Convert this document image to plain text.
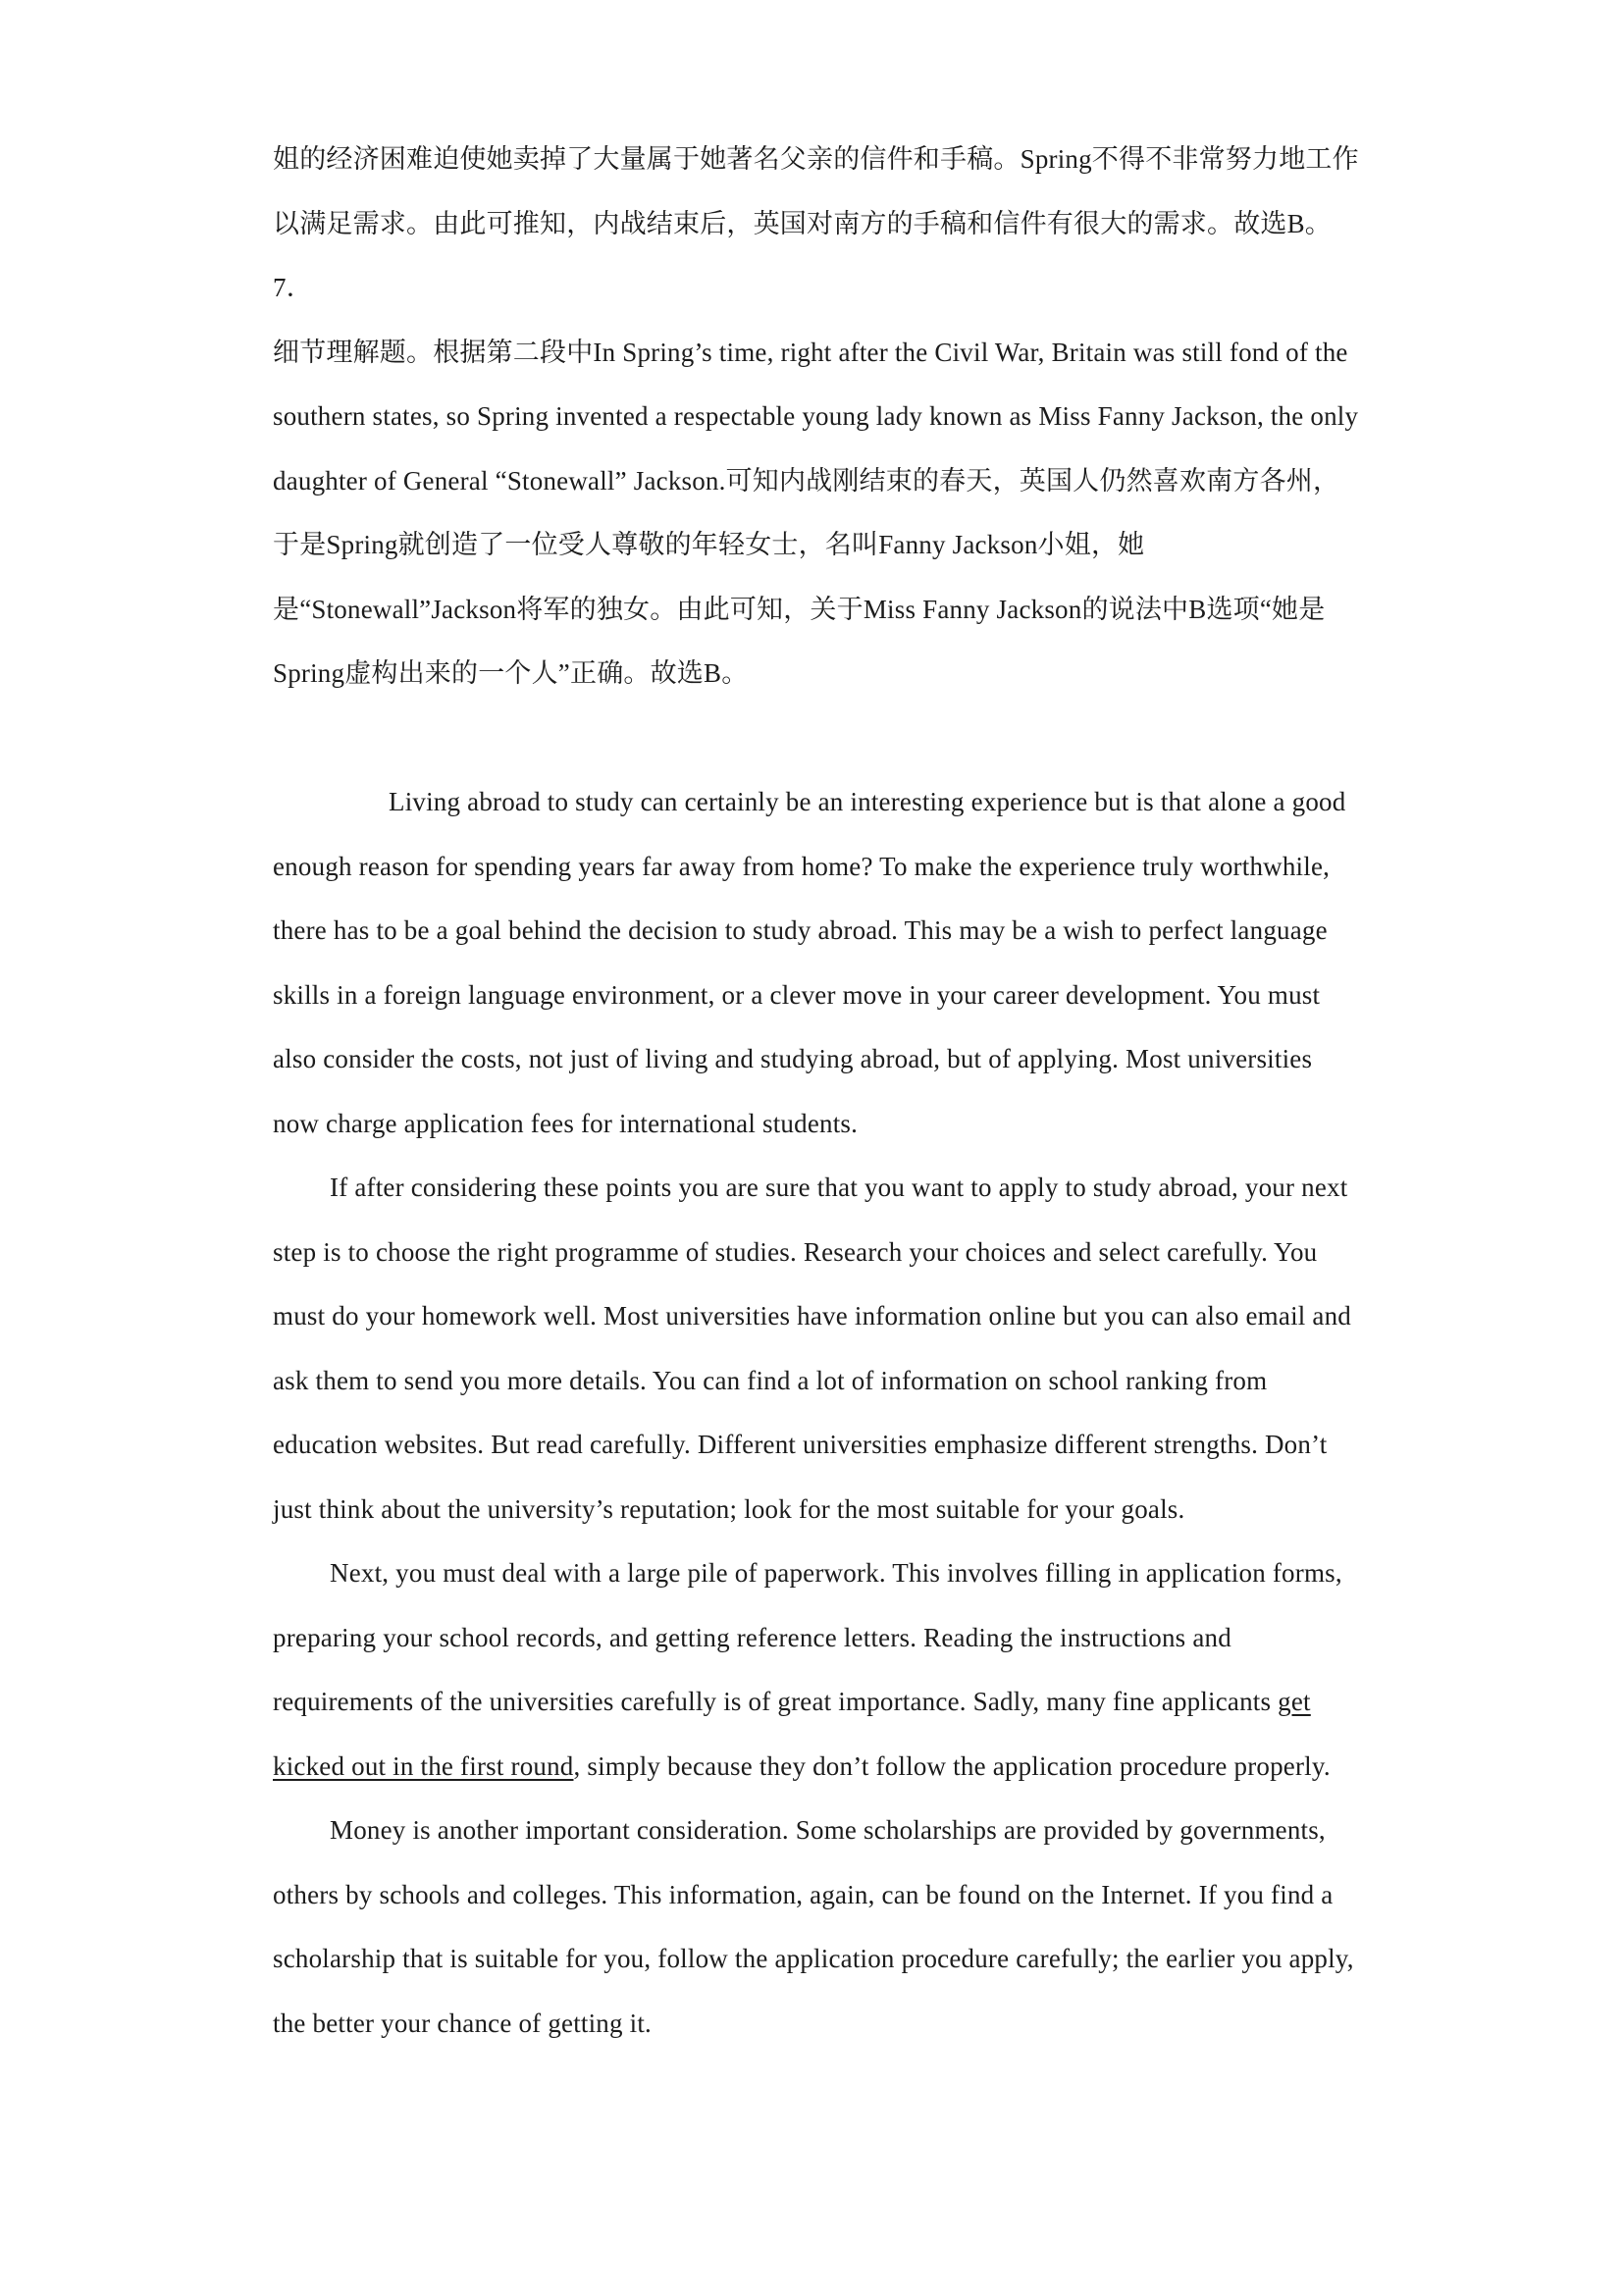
姐的经济困难迫使她卖掉了大量属于她著名父亲的信件和手稿。Spring不得不非常努力地工作以满足需求。由此可推知，内战结束后，英国对南方的手稿和信件有很大的需求。故选B。

7．

细节理解题。根据第二段中In Spring’s time, right after the Civil War, Britain was still fond of the southern states, so Spring invented a respectable young lady known as Miss Fanny Jackson, the only daughter of General “Stonewall” Jackson.可知内战刚结束的春天，英国人仍然喜欢南方各州，于是Spring就创造了一位受人尊敬的年轻女士，名叫Fanny Jackson小姐，她是“Stonewall”Jackson将军的独女。由此可知，关于Miss Fanny Jackson的说法中B选项“她是Spring虚构出来的一个人”正确。故选B。

Living abroad to study can certainly be an interesting experience but is that alone a good enough reason for spending years far away from home? To make the experience truly worthwhile, there has to be a goal behind the decision to study abroad. This may be a wish to perfect language skills in a foreign language environment, or a clever move in your career development. You must also consider the costs, not just of living and studying abroad, but of applying. Most universities now charge application fees for international students.

If after considering these points you are sure that you want to apply to study abroad, your next step is to choose the right programme of studies. Research your choices and select carefully. You must do your homework well. Most universities have information online but you can also email and ask them to send you more details. You can find a lot of information on school ranking from education websites. But read carefully. Different universities emphasize different strengths. Don’t just think about the university’s reputation; look for the most suitable for your goals.

Next, you must deal with a large pile of paperwork. This involves filling in application forms, preparing your school records, and getting reference letters. Reading the instructions and requirements of the universities carefully is of great importance. Sadly, many fine applicants get kicked out in the first round, simply because they don’t follow the application procedure properly.

Money is another important consideration. Some scholarships are provided by governments, others by schools and colleges. This information, again, can be found on the Internet. If you find a scholarship that is suitable for you, follow the application procedure carefully; the earlier you apply, the better your chance of getting it.
